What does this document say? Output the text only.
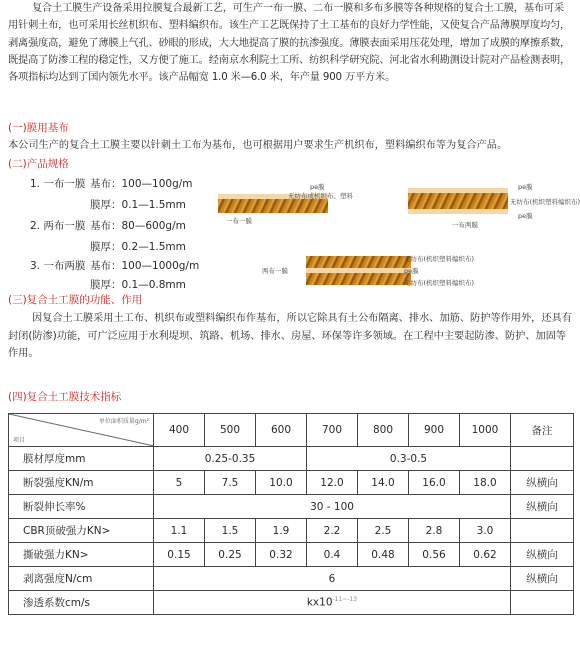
复合土工膜生产设备采用拉膜复合最新工艺，可生产一布一膜、二布一膜和多布多膜等各种规格的复合土工膜，基布可采用针刺土布，也可采用长丝机织布、塑料编织布。该生产工艺既保持了土工基布的良好力学性能，又使复合产品薄膜厚度均匀，剥离强度高，避免了薄膜上气孔、砂眼的形成，大大地提高了膜的抗渗强度。薄膜表面采用压花处理，增加了成膜的摩擦系数，既提高了防渗工程的稳定性，又方便了施工。经南京水利院土工所、纺织科学研究院、河北省水利勘测设计院对产品检测表明，各项指标均达到了国内领先水平。该产品幅宽 1.0 米—6.0 米，年产量 900 万平方米。

(一)膜用基布

本公司生产的复合土工膜主要以针刺土工布为基布，也可根据用户要求生产机织布，塑料编织布等为复合产品。

(二)产品规格
1. 一布一膜 基布：100—100g/m
膜厚：0.1—1.5mm
2. 两布一膜 基布：80—600g/m
膜厚：0.2—1.5mm
3. 一布两膜 基布：100—1000g/m
膜厚：0.1—0.8mm
pe膜
无纺布或机织布、塑料
一布一膜
pe膜
无纺布(机织塑料编织布)
pe膜
一布两膜
两布一膜
无纺布(机织塑料编织布)
pe膜
无纺布(机织塑料编织布)
(三)复合土工膜的功能、作用

因复合土工膜采用土工布、机织布或塑料编织布作基布，所以它除具有土公布隔离、排水、加筋、防护等作用外，还具有封闭(防渗)功能，可广泛应用于水利堤坝、筑路、机场、排水、房屋、环保等许多领域。在工程中主要起防渗、防护、加固等作用。

(四)复合土工膜技术指标
单位面积质量g/m²
项目	400	500	600	700	800	900	1000	备注
膜材厚度mm	0.25-0.35			0.3-0.5				
断裂强度KN/m	5	7.5	10.0	12.0	14.0	16.0	18.0	纵横向
断裂伸长率%	30 - 100							纵横向
CBR顶破强力KN>	1.1	1.5	1.9	2.2	2.5	2.8	3.0	
撕破强力KN>	0.15	0.25	0.32	0.4	0.48	0.56	0.62	纵横向
剥离强度N/cm	6							纵横向
渗透系数cm/s	$kx10^{-11\sim-13}$	
